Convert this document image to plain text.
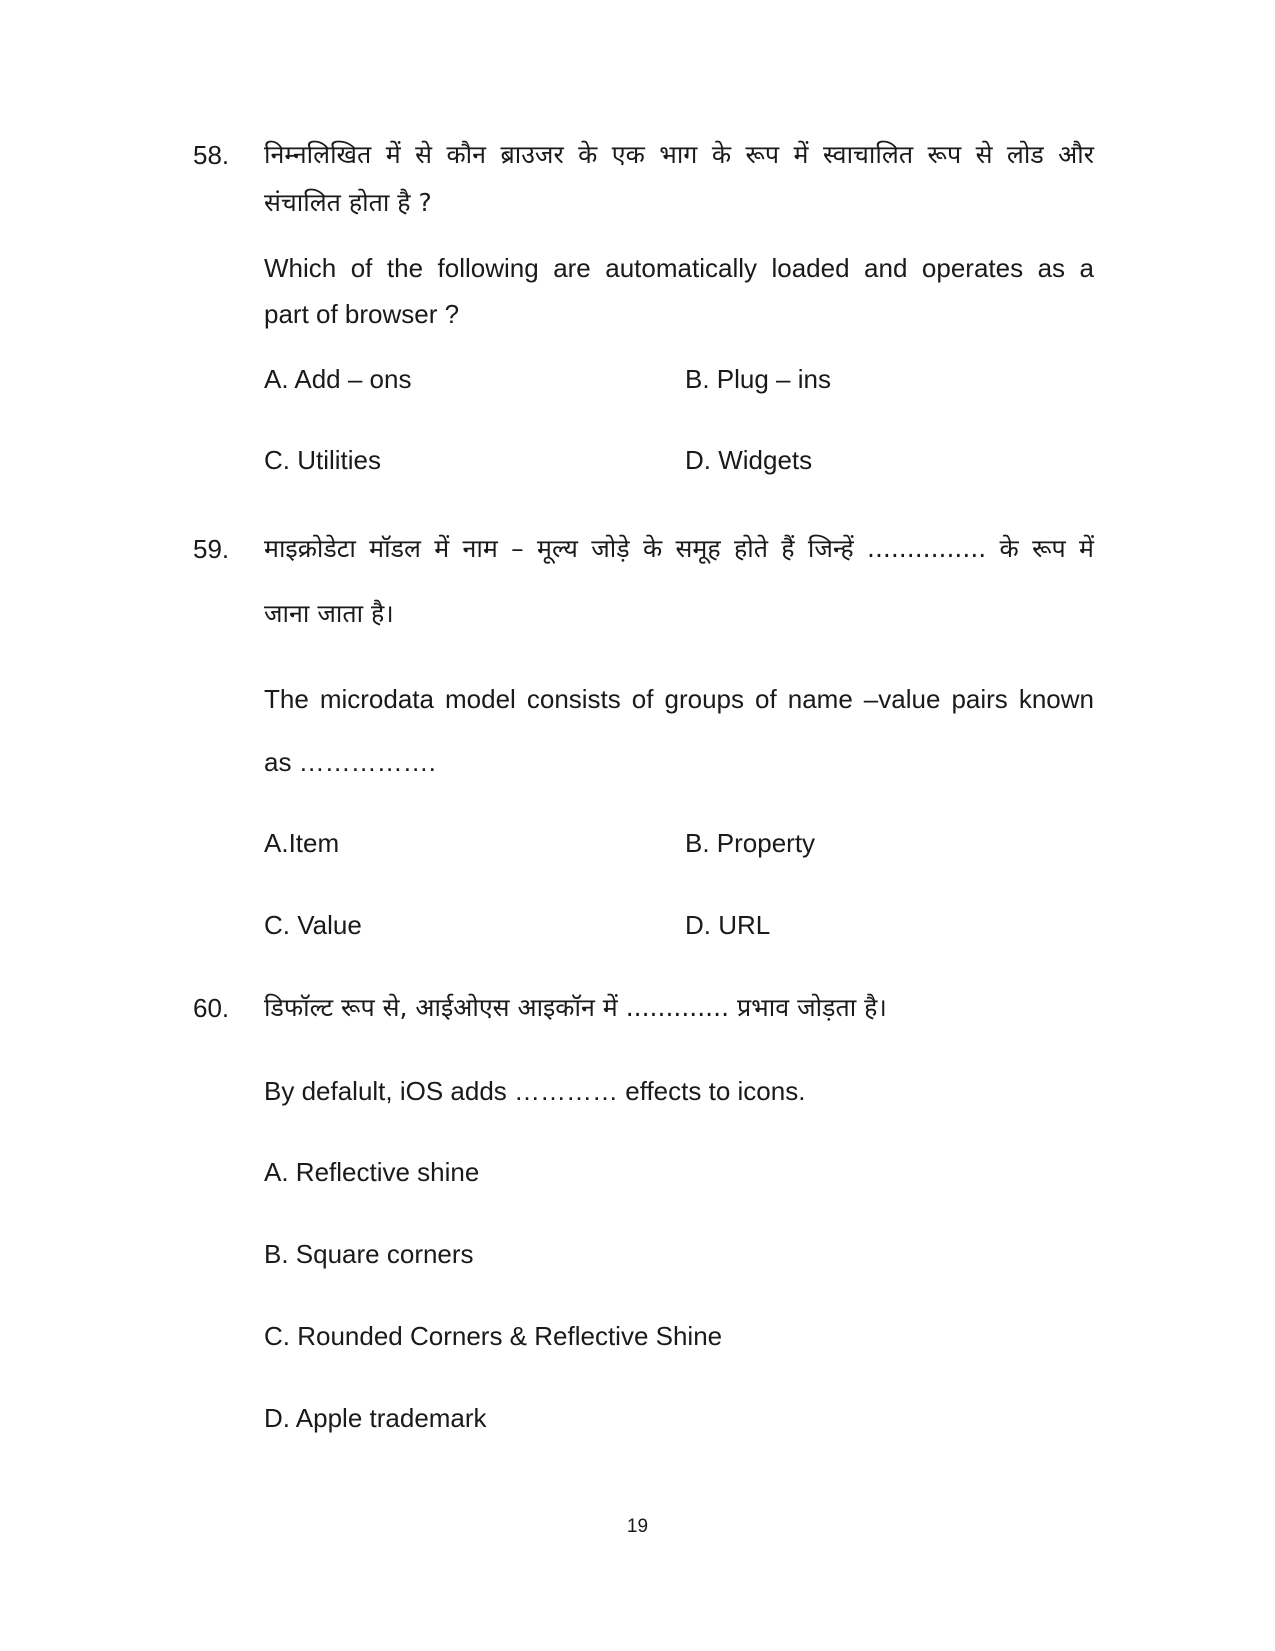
58. निम्नलिखित में से कौन ब्राउजर के एक भाग के रूप में स्वाचालित रूप से लोड और
संचालित होता है ?
Which of the following are automatically loaded and operates as a
part of browser ?
A. Add – ons	B. Plug – ins
C. Utilities	D. Widgets
59. माइक्रोडेटा मॉडल में नाम – मूल्य जोड़े के समूह होते हैं जिन्हें ............... के रूप में
जाना जाता है।
The microdata model consists of groups of name –value pairs known
as …………….
A.Item	B. Property
C. Value	D. URL
60. डिफॉल्ट रूप से, आईओएस आइकॉन में ............. प्रभाव जोड़ता है।
By defalult, iOS adds ………… effects to icons.
A. Reflective shine
B. Square corners
C. Rounded Corners & Reflective Shine
D. Apple trademark
19
